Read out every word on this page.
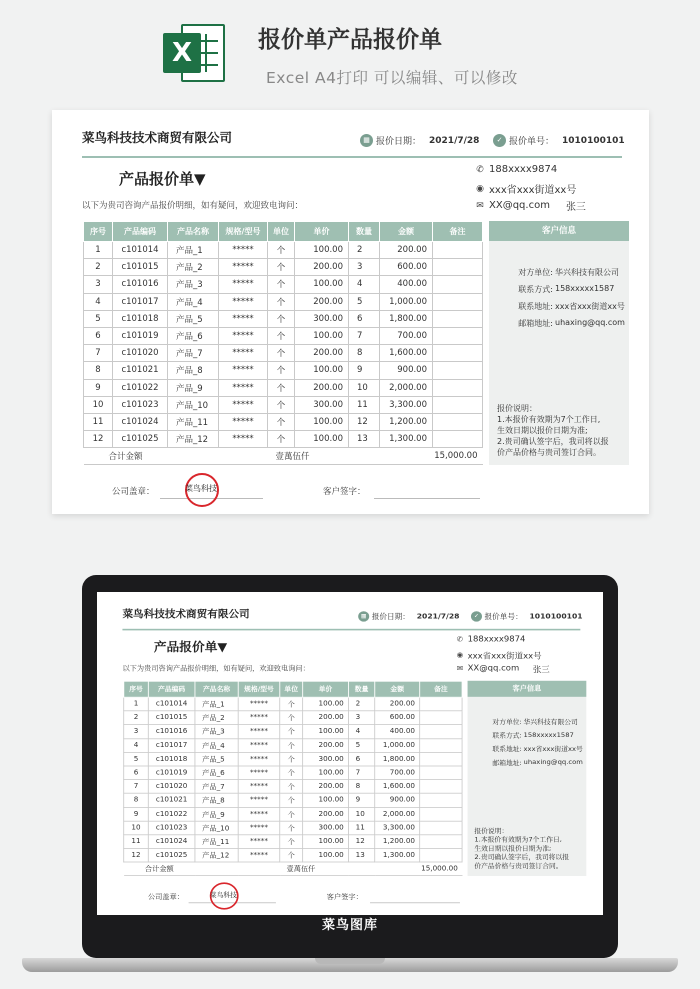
X	报价单产品报价单
Excel A4打印 可以编辑、可以修改
菜鸟科技技术商贸有限公司	▦ 报价日期： 2021/7/28	✓ 报价单号： 1010100101
产品报价单▼
以下为贵司咨询产品报价明细，如有疑问，欢迎致电询问：
✆ 188xxxx9874
◉ xxx省xxx街道xx号
✉ XX@qq.com 张三
序号	产品编码	产品名称	规格/型号	单位	单价	数量	金额	备注
1	c101014	产品_1	*****	个	100.00	2	200.00	
2	c101015	产品_2	*****	个	200.00	3	600.00	
3	c101016	产品_3	*****	个	100.00	4	400.00	
4	c101017	产品_4	*****	个	200.00	5	1,000.00	
5	c101018	产品_5	*****	个	300.00	6	1,800.00	
6	c101019	产品_6	*****	个	100.00	7	700.00	
7	c101020	产品_7	*****	个	200.00	8	1,600.00	
8	c101021	产品_8	*****	个	100.00	9	900.00	
9	c101022	产品_9	*****	个	200.00	10	2,000.00	
10	c101023	产品_10	*****	个	300.00	11	3,300.00	
11	c101024	产品_11	*****	个	100.00	12	1,200.00	
12	c101025	产品_12	*****	个	100.00	13	1,300.00	
合计金额				壹萬伍仟			15,000.00	
客户信息
对方单位: 华兴科技有限公司
联系方式: 158xxxxx1587
联系地址: xxx省xxx街道xx号
邮箱地址: uhaxing@qq.com
报价说明：
1.本报价有效期为7个工作日,
生效日期以报价日期为准;
2.贵司确认签字后，我司将以报
价产品价格与贵司签订合同。
公司盖章：	菜鸟科技	客户签字：
菜鸟科技技术商贸有限公司	▦ 报价日期： 2021/7/28	✓ 报价单号： 1010100101
产品报价单▼
以下为贵司咨询产品报价明细，如有疑问，欢迎致电询问：
✆ 188xxxx9874
◉ xxx省xxx街道xx号
✉ XX@qq.com 张三
序号	产品编码	产品名称	规格/型号	单位	单价	数量	金额	备注
1	c101014	产品_1	*****	个	100.00	2	200.00	
2	c101015	产品_2	*****	个	200.00	3	600.00	
3	c101016	产品_3	*****	个	100.00	4	400.00	
4	c101017	产品_4	*****	个	200.00	5	1,000.00	
5	c101018	产品_5	*****	个	300.00	6	1,800.00	
6	c101019	产品_6	*****	个	100.00	7	700.00	
7	c101020	产品_7	*****	个	200.00	8	1,600.00	
8	c101021	产品_8	*****	个	100.00	9	900.00	
9	c101022	产品_9	*****	个	200.00	10	2,000.00	
10	c101023	产品_10	*****	个	300.00	11	3,300.00	
11	c101024	产品_11	*****	个	100.00	12	1,200.00	
12	c101025	产品_12	*****	个	100.00	13	1,300.00	
合计金额				壹萬伍仟			15,000.00	
客户信息
对方单位: 华兴科技有限公司
联系方式: 158xxxxx1587
联系地址: xxx省xxx街道xx号
邮箱地址: uhaxing@qq.com
报价说明：
1.本报价有效期为7个工作日,
生效日期以报价日期为准;
2.贵司确认签字后，我司将以报
价产品价格与贵司签订合同。
公司盖章：	菜鸟科技	客户签字：
菜鸟图库
